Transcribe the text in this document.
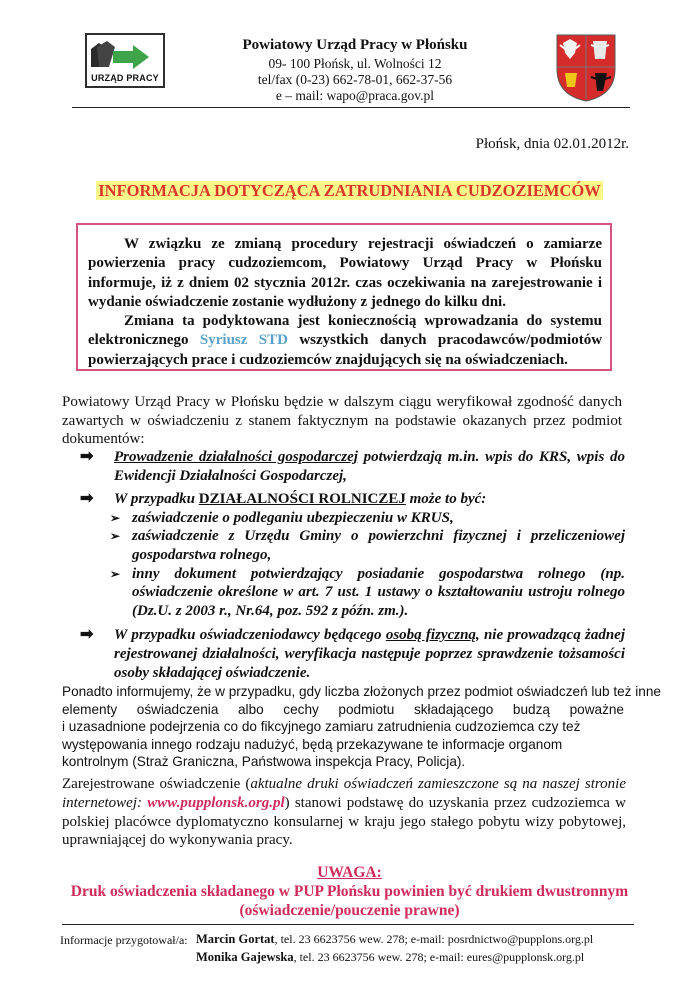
URZĄD PRACY
Powiatowy Urząd Pracy w Płońsku
09- 100 Płońsk, ul. Wolności 12
tel/fax (0-23) 662-78-01, 662-37-56
e – mail: wapo@praca.gov.pl
Płońsk, dnia 02.01.2012r.
INFORMACJA DOTYCZĄCA ZATRUDNIANIA CUDZOZIEMCÓW

W związku ze zmianą procedury rejestracji oświadczeń o zamiarze powierzenia pracy cudzoziemcom, Powiatowy Urząd Pracy w Płońsku informuje, iż z dniem 02 stycznia 2012r. czas oczekiwania na zarejestrowanie i wydanie oświadczenie zostanie wydłużony z jednego do kilku dni.

Zmiana ta podyktowana jest koniecznością wprowadzania do systemu elektronicznego Syriusz STD wszystkich danych pracodawców/podmiotów powierzających prace i cudzoziemców znajdujących się na oświadczeniach.

Powiatowy Urząd Pracy w Płońsku będzie w dalszym ciągu weryfikował zgodność danych zawartych w oświadczeniu z stanem faktycznym na podstawie okazanych przez podmiot dokumentów:
➡ Prowadzenie działalności gospodarczej potwierdzają m.in. wpis do KRS, wpis do Ewidencji Działalności Gospodarczej,
➡ W przypadku DZIAŁALNOŚCI ROLNICZEJ może to być:
➢ zaświadczenie o podleganiu ubezpieczeniu w KRUS,
➢ zaświadczenie z Urzędu Gminy o powierzchni fizycznej i przeliczeniowej gospodarstwa rolnego,
➢ inny dokument potwierdzający posiadanie gospodarstwa rolnego (np. oświadczenie określone w art. 7 ust. 1 ustawy o kształtowaniu ustroju rolnego (Dz.U. z 2003 r., Nr.64, poz. 592 z późn. zm.).
➡ W przypadku oświadczeniodawcy będącego osobą fizyczną, nie prowadzącą żadnej rejestrowanej działalności, weryfikacja następuje poprzez sprawdzenie tożsamości osoby składającej oświadczenie.
Ponadto informujemy, że w przypadku, gdy liczba złożonych przez podmiot oświadczeń lub też inne
elementy oświadczenia albo cechy podmiotu składającego budzą poważne
i uzasadnione podejrzenia co do fikcyjnego zamiaru zatrudnienia cudzoziemca czy też występowania innego rodzaju nadużyć, będą przekazywane te informacje organom kontrolnym (Straż Graniczna, Państwowa inspekcja Pracy, Policja).
Zarejestrowane oświadczenie (aktualne druki oświadczeń zamieszczone są na naszej stronie internetowej: www.pupplonsk.org.pl) stanowi podstawę do uzyskania przez cudzoziemca w polskiej placówce dyplomatyczno konsularnej w kraju jego stałego pobytu wizy pobytowej, uprawniającej do wykonywania pracy.
UWAGA:
Druk oświadczenia składanego w PUP Płońsku powinien być drukiem dwustronnym
(oświadczenie/pouczenie prawne)
Informacje przygotował/a: Marcin Gortat, tel. 23 6623756 wew. 278; e-mail: posrdnictwo@pupplons.org.pl
Monika Gajewska, tel. 23 6623756 wew. 278; e-mail: eures@pupplonsk.org.pl
